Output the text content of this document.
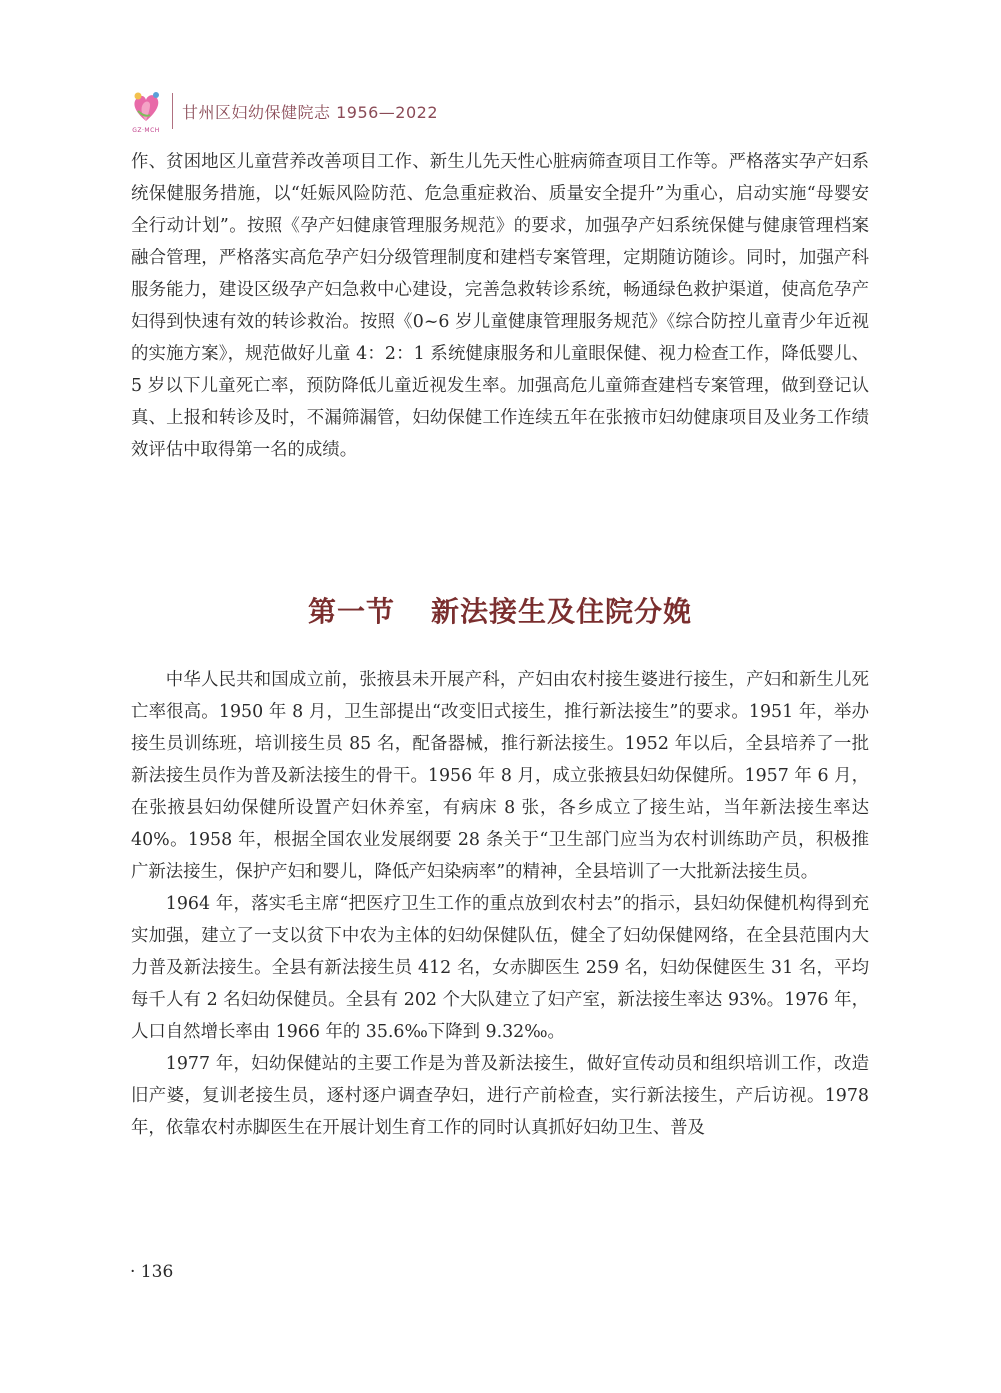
GZ·MCH
甘州区妇幼保健院志 1956—2022

作、贫困地区儿童营养改善项目工作、新生儿先天性心脏病筛查项目工作等。严格落实孕产妇系统保健服务措施，以“妊娠风险防范、危急重症救治、质量安全提升”为重心，启动实施“母婴安全行动计划”。按照《孕产妇健康管理服务规范》的要求，加强孕产妇系统保健与健康管理档案融合管理，严格落实高危孕产妇分级管理制度和建档专案管理，定期随访随诊。同时，加强产科服务能力，建设区级孕产妇急救中心建设，完善急救转诊系统，畅通绿色救护渠道，使高危孕产妇得到快速有效的转诊救治。按照《0~6 岁儿童健康管理服务规范》《综合防控儿童青少年近视的实施方案》，规范做好儿童 4：2：1 系统健康服务和儿童眼保健、视力检查工作，降低婴儿、5 岁以下儿童死亡率，预防降低儿童近视发生率。加强高危儿童筛查建档专案管理，做到登记认真、上报和转诊及时，不漏筛漏管，妇幼保健工作连续五年在张掖市妇幼健康项目及业务工作绩效评估中取得第一名的成绩。

第一节 新法接生及住院分娩

中华人民共和国成立前，张掖县未开展产科，产妇由农村接生婆进行接生，产妇和新生儿死亡率很高。1950 年 8 月，卫生部提出“改变旧式接生，推行新法接生”的要求。1951 年，举办接生员训练班，培训接生员 85 名，配备器械，推行新法接生。1952 年以后，全县培养了一批新法接生员作为普及新法接生的骨干。1956 年 8 月，成立张掖县妇幼保健所。1957 年 6 月，在张掖县妇幼保健所设置产妇休养室，有病床 8 张，各乡成立了接生站，当年新法接生率达 40%。1958 年，根据全国农业发展纲要 28 条关于“卫生部门应当为农村训练助产员，积极推广新法接生，保护产妇和婴儿，降低产妇染病率”的精神，全县培训了一大批新法接生员。

1964 年，落实毛主席“把医疗卫生工作的重点放到农村去”的指示，县妇幼保健机构得到充实加强，建立了一支以贫下中农为主体的妇幼保健队伍，健全了妇幼保健网络，在全县范围内大力普及新法接生。全县有新法接生员 412 名，女赤脚医生 259 名，妇幼保健医生 31 名，平均每千人有 2 名妇幼保健员。全县有 202 个大队建立了妇产室，新法接生率达 93%。1976 年，人口自然增长率由 1966 年的 35.6‰下降到 9.32‰。

1977 年，妇幼保健站的主要工作是为普及新法接生，做好宣传动员和组织培训工作，改造旧产婆，复训老接生员，逐村逐户调查孕妇，进行产前检查，实行新法接生，产后访视。1978 年，依靠农村赤脚医生在开展计划生育工作的同时认真抓好妇幼卫生、普及

· 136
